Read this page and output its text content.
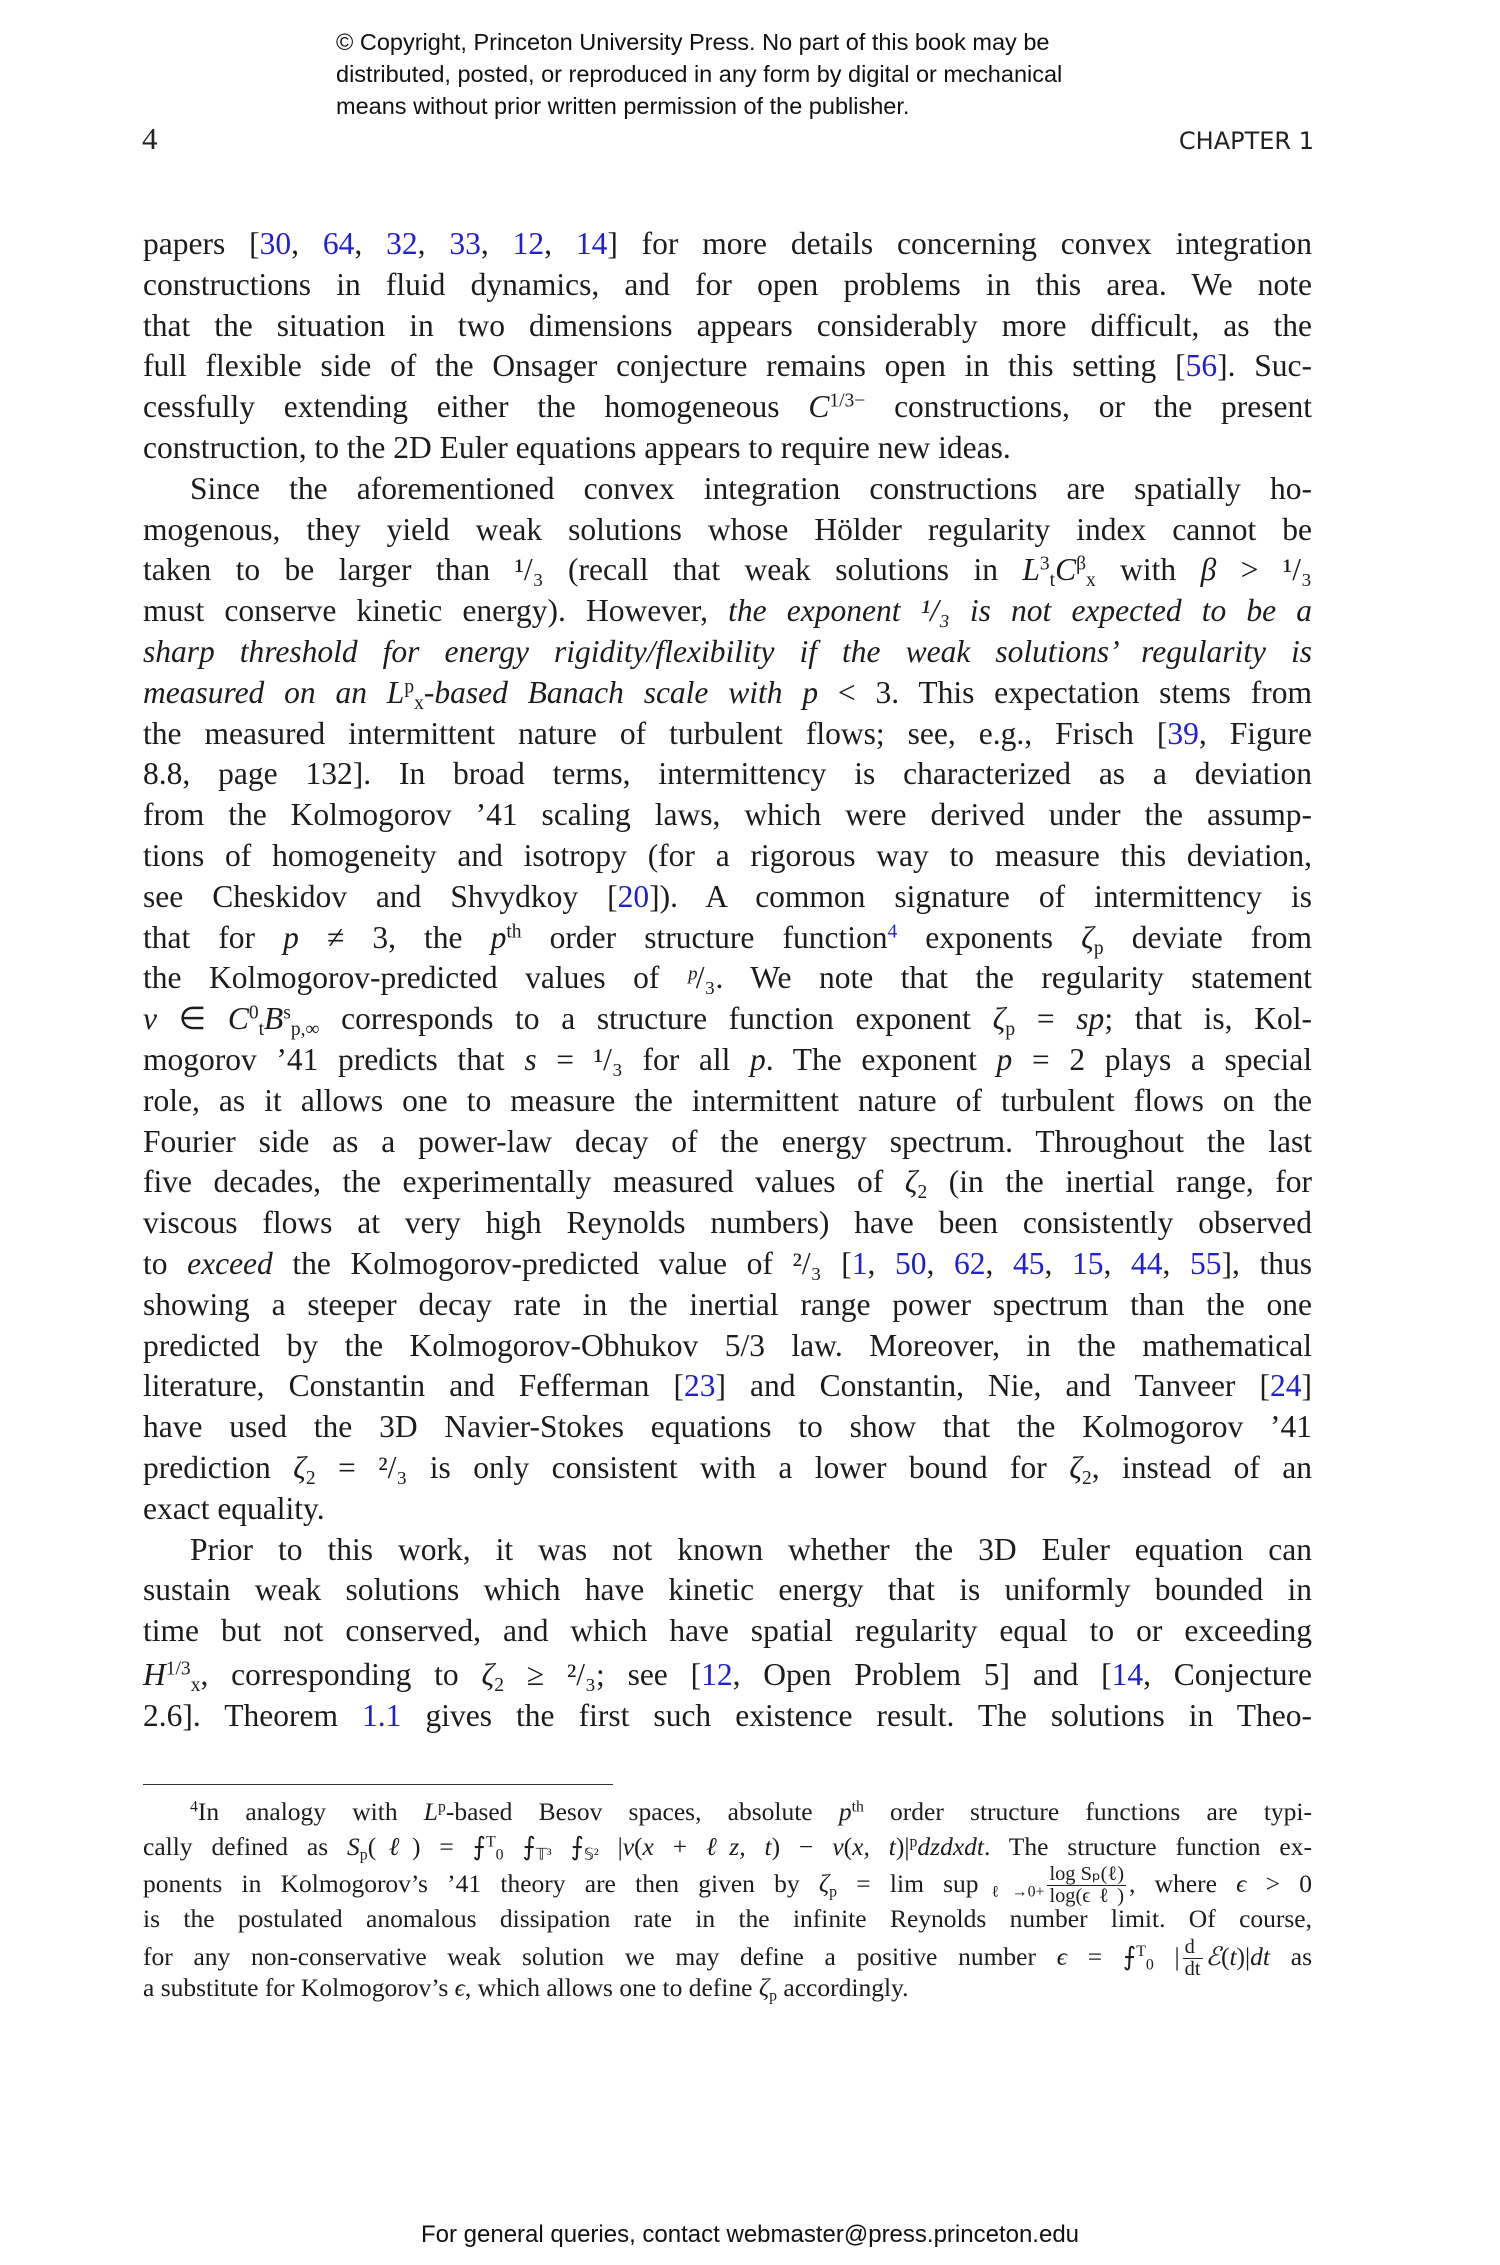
© Copyright, Princeton University Press. No part of this book may be
distributed, posted, or reproduced in any form by digital or mechanical
means without prior written permission of the publisher.
4	CHAPTER 1
papers [30, 64, 32, 33, 12, 14] for more details concerning convex integration
constructions in fluid dynamics, and for open problems in this area. We note
that the situation in two dimensions appears considerably more difficult, as the
full flexible side of the Onsager conjecture remains open in this setting [56]. Suc-
cessfully extending either the homogeneous $C^{1/3-}$ constructions, or the present
construction, to the 2D Euler equations appears to require new ideas.
Since the aforementioned convex integration constructions are spatially ho-
mogenous, they yield weak solutions whose Hölder regularity index cannot be
taken to be larger than ¹/₃ (recall that weak solutions in $L^3_tC^\beta_x$ with β > ¹/₃
must conserve kinetic energy). However, the exponent ¹/₃ is not expected to be a
sharp threshold for energy rigidity/flexibility if the weak solutions’ regularity is
measured on an $L^p_x$-based Banach scale with p < 3. This expectation stems from
the measured intermittent nature of turbulent flows; see, e.g., Frisch [39, Figure
8.8, page 132]. In broad terms, intermittency is characterized as a deviation
from the Kolmogorov ’41 scaling laws, which were derived under the assump-
tions of homogeneity and isotropy (for a rigorous way to measure this deviation,
see Cheskidov and Shvydkoy [20]). A common signature of intermittency is
that for p ≠ 3, the $p^{th}$ order structure function$^4$ exponents $\zeta_p$ deviate from
the Kolmogorov-predicted values of ᵖ/₃. We note that the regularity statement
v ∈ $C^0_tB^s_{p,\infty}$ corresponds to a structure function exponent $\zeta_p$ = sp; that is, Kol-
mogorov ’41 predicts that s = ¹/₃ for all p. The exponent p = 2 plays a special
role, as it allows one to measure the intermittent nature of turbulent flows on the
Fourier side as a power-law decay of the energy spectrum. Throughout the last
five decades, the experimentally measured values of $\zeta_2$ (in the inertial range, for
viscous flows at very high Reynolds numbers) have been consistently observed
to exceed the Kolmogorov-predicted value of ²/₃ [1, 50, 62, 45, 15, 44, 55], thus
showing a steeper decay rate in the inertial range power spectrum than the one
predicted by the Kolmogorov-Obhukov 5/3 law. Moreover, in the mathematical
literature, Constantin and Fefferman [23] and Constantin, Nie, and Tanveer [24]
have used the 3D Navier-Stokes equations to show that the Kolmogorov ’41
prediction $\zeta_2 = ^2/_3$ is only consistent with a lower bound for $\zeta_2$, instead of an
exact equality.
Prior to this work, it was not known whether the 3D Euler equation can
sustain weak solutions which have kinetic energy that is uniformly bounded in
time but not conserved, and which have spatial regularity equal to or exceeding
$H^{1/3}_x$, corresponding to $\zeta_2 \ge ^2/_3$; see [12, Open Problem 5] and [14, Conjecture
2.6]. Theorem 1.1 gives the first such existence result. The solutions in Theo-
$^4$In analogy with $L^p$-based Besov spaces, absolute $p^{th}$ order structure functions are typi-
cally defined as $S_p(\ell)$ = ⨍$^T_0$ $⨍_{𝕋^3}$ $⨍_{𝕊^2}$ |v(x + ℓz, t) − v(x, $t)|^pdzdxdt$. The structure function ex-
ponents in Kolmogorov’s ’41 theory are then given by $\zeta_p = \lim sup_{\ell\to 0+} \frac{\text{log Sₚ(ℓ)}}{\text{log(ϵℓ)}}$ , where ϵ > 0
is the postulated anomalous dissipation rate in the infinite Reynolds number limit. Of course,
for any non-conservative weak solution we may define a positive number ϵ = ⨍$^T_0$ | $\frac{d}{dt}$ ℰ(t)|dt as
a substitute for Kolmogorov’s ϵ, which allows one to define $\zeta_p$ accordingly.
For general queries, contact webmaster@press.princeton.edu
